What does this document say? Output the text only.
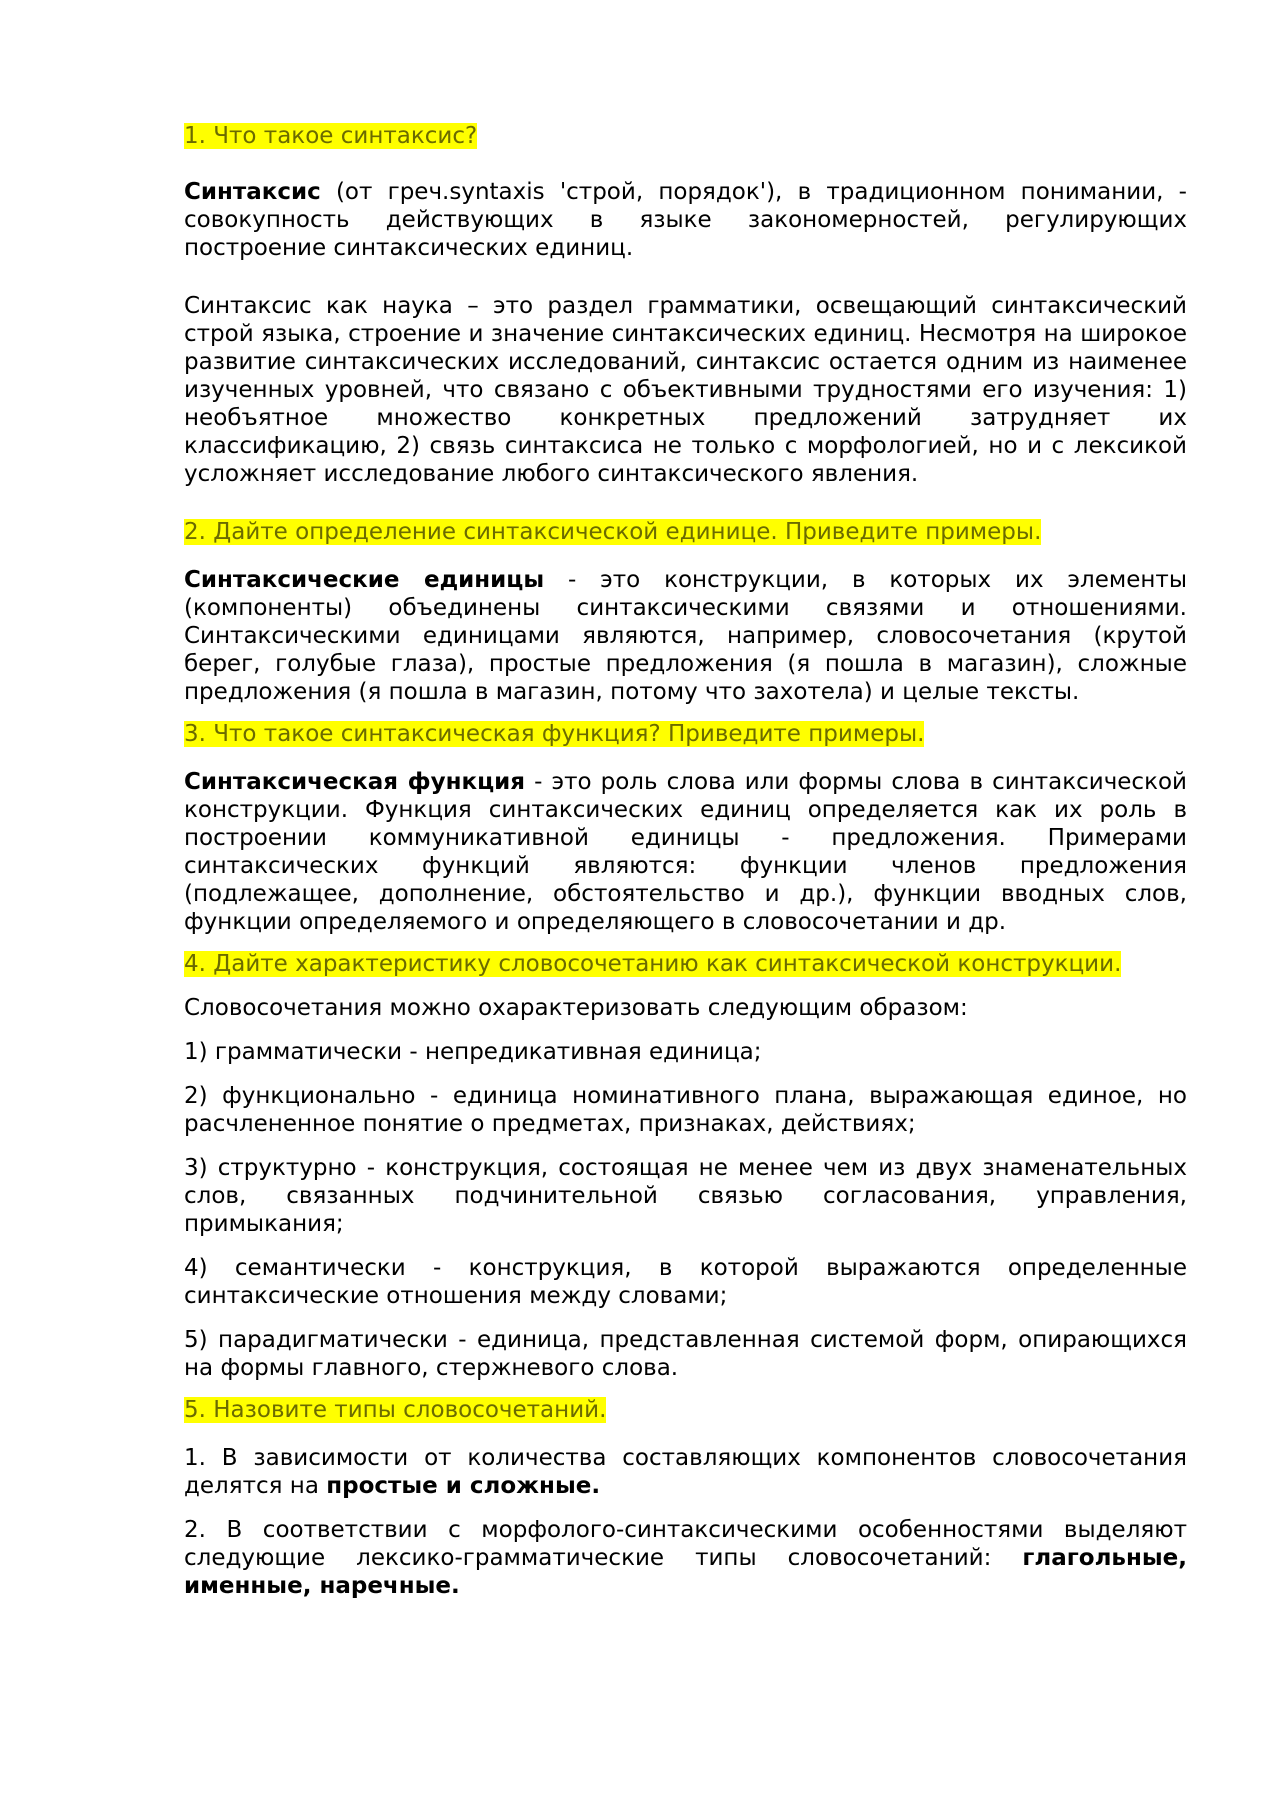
1. Что такое синтаксис?

Синтаксис (от греч.syntaxis 'строй, порядок'), в традиционном понимании, - совокупность действующих в языке закономерностей, регулирующих построение синтаксических единиц.

Синтаксис как наука – это раздел грамматики, освещающий синтаксический строй языка, строение и значение синтаксических единиц. Несмотря на широкое развитие синтаксических исследований, синтаксис остается одним из наименее изученных уровней, что связано с объективными трудностями его изучения: 1) необъятное множество конкретных предложений затрудняет их классификацию, 2) связь синтаксиса не только с морфологией, но и с лексикой усложняет исследование любого синтаксического явления.

2. Дайте определение синтаксической единице. Приведите примеры.

Синтаксические единицы - это конструкции, в которых их элементы (компоненты) объединены синтаксическими связями и отношениями. Синтаксическими единицами являются, например, словосочетания (крутой берег, голубые глаза), простые предложения (я пошла в магазин), сложные предложения (я пошла в магазин, потому что захотела) и целые тексты.

3. Что такое синтаксическая функция? Приведите примеры.

Синтаксическая функция - это роль слова или формы слова в синтаксической конструкции. Функция синтаксических единиц определяется как их роль в построении коммуникативной единицы - предложения. Примерами синтаксических функций являются: функции членов предложения (подлежащее, дополнение, обстоятельство и др.), функции вводных слов, функции определяемого и определяющего в словосочетании и др.

4. Дайте характеристику словосочетанию как синтаксической конструкции.

Словосочетания можно охарактеризовать следующим образом:

1) грамматически - непредикативная единица;

2) функционально - единица номинативного плана, выражающая единое, но расчлененное понятие о предметах, признаках, действиях;

3) структурно - конструкция, состоящая не менее чем из двух знаменательных слов, связанных подчинительной связью согласования, управления, примыкания;

4) семантически - конструкция, в которой выражаются определенные синтаксические отношения между словами;

5) парадигматически - единица, представленная системой форм, опирающихся на формы главного, стержневого слова.

5. Назовите типы словосочетаний.

1. В зависимости от количества составляющих компонентов словосочетания делятся на простые и сложные.

2. В соответствии с морфолого-синтаксическими особенностями выделяют следующие лексико-грамматические типы словосочетаний: глагольные, именные, наречные.
